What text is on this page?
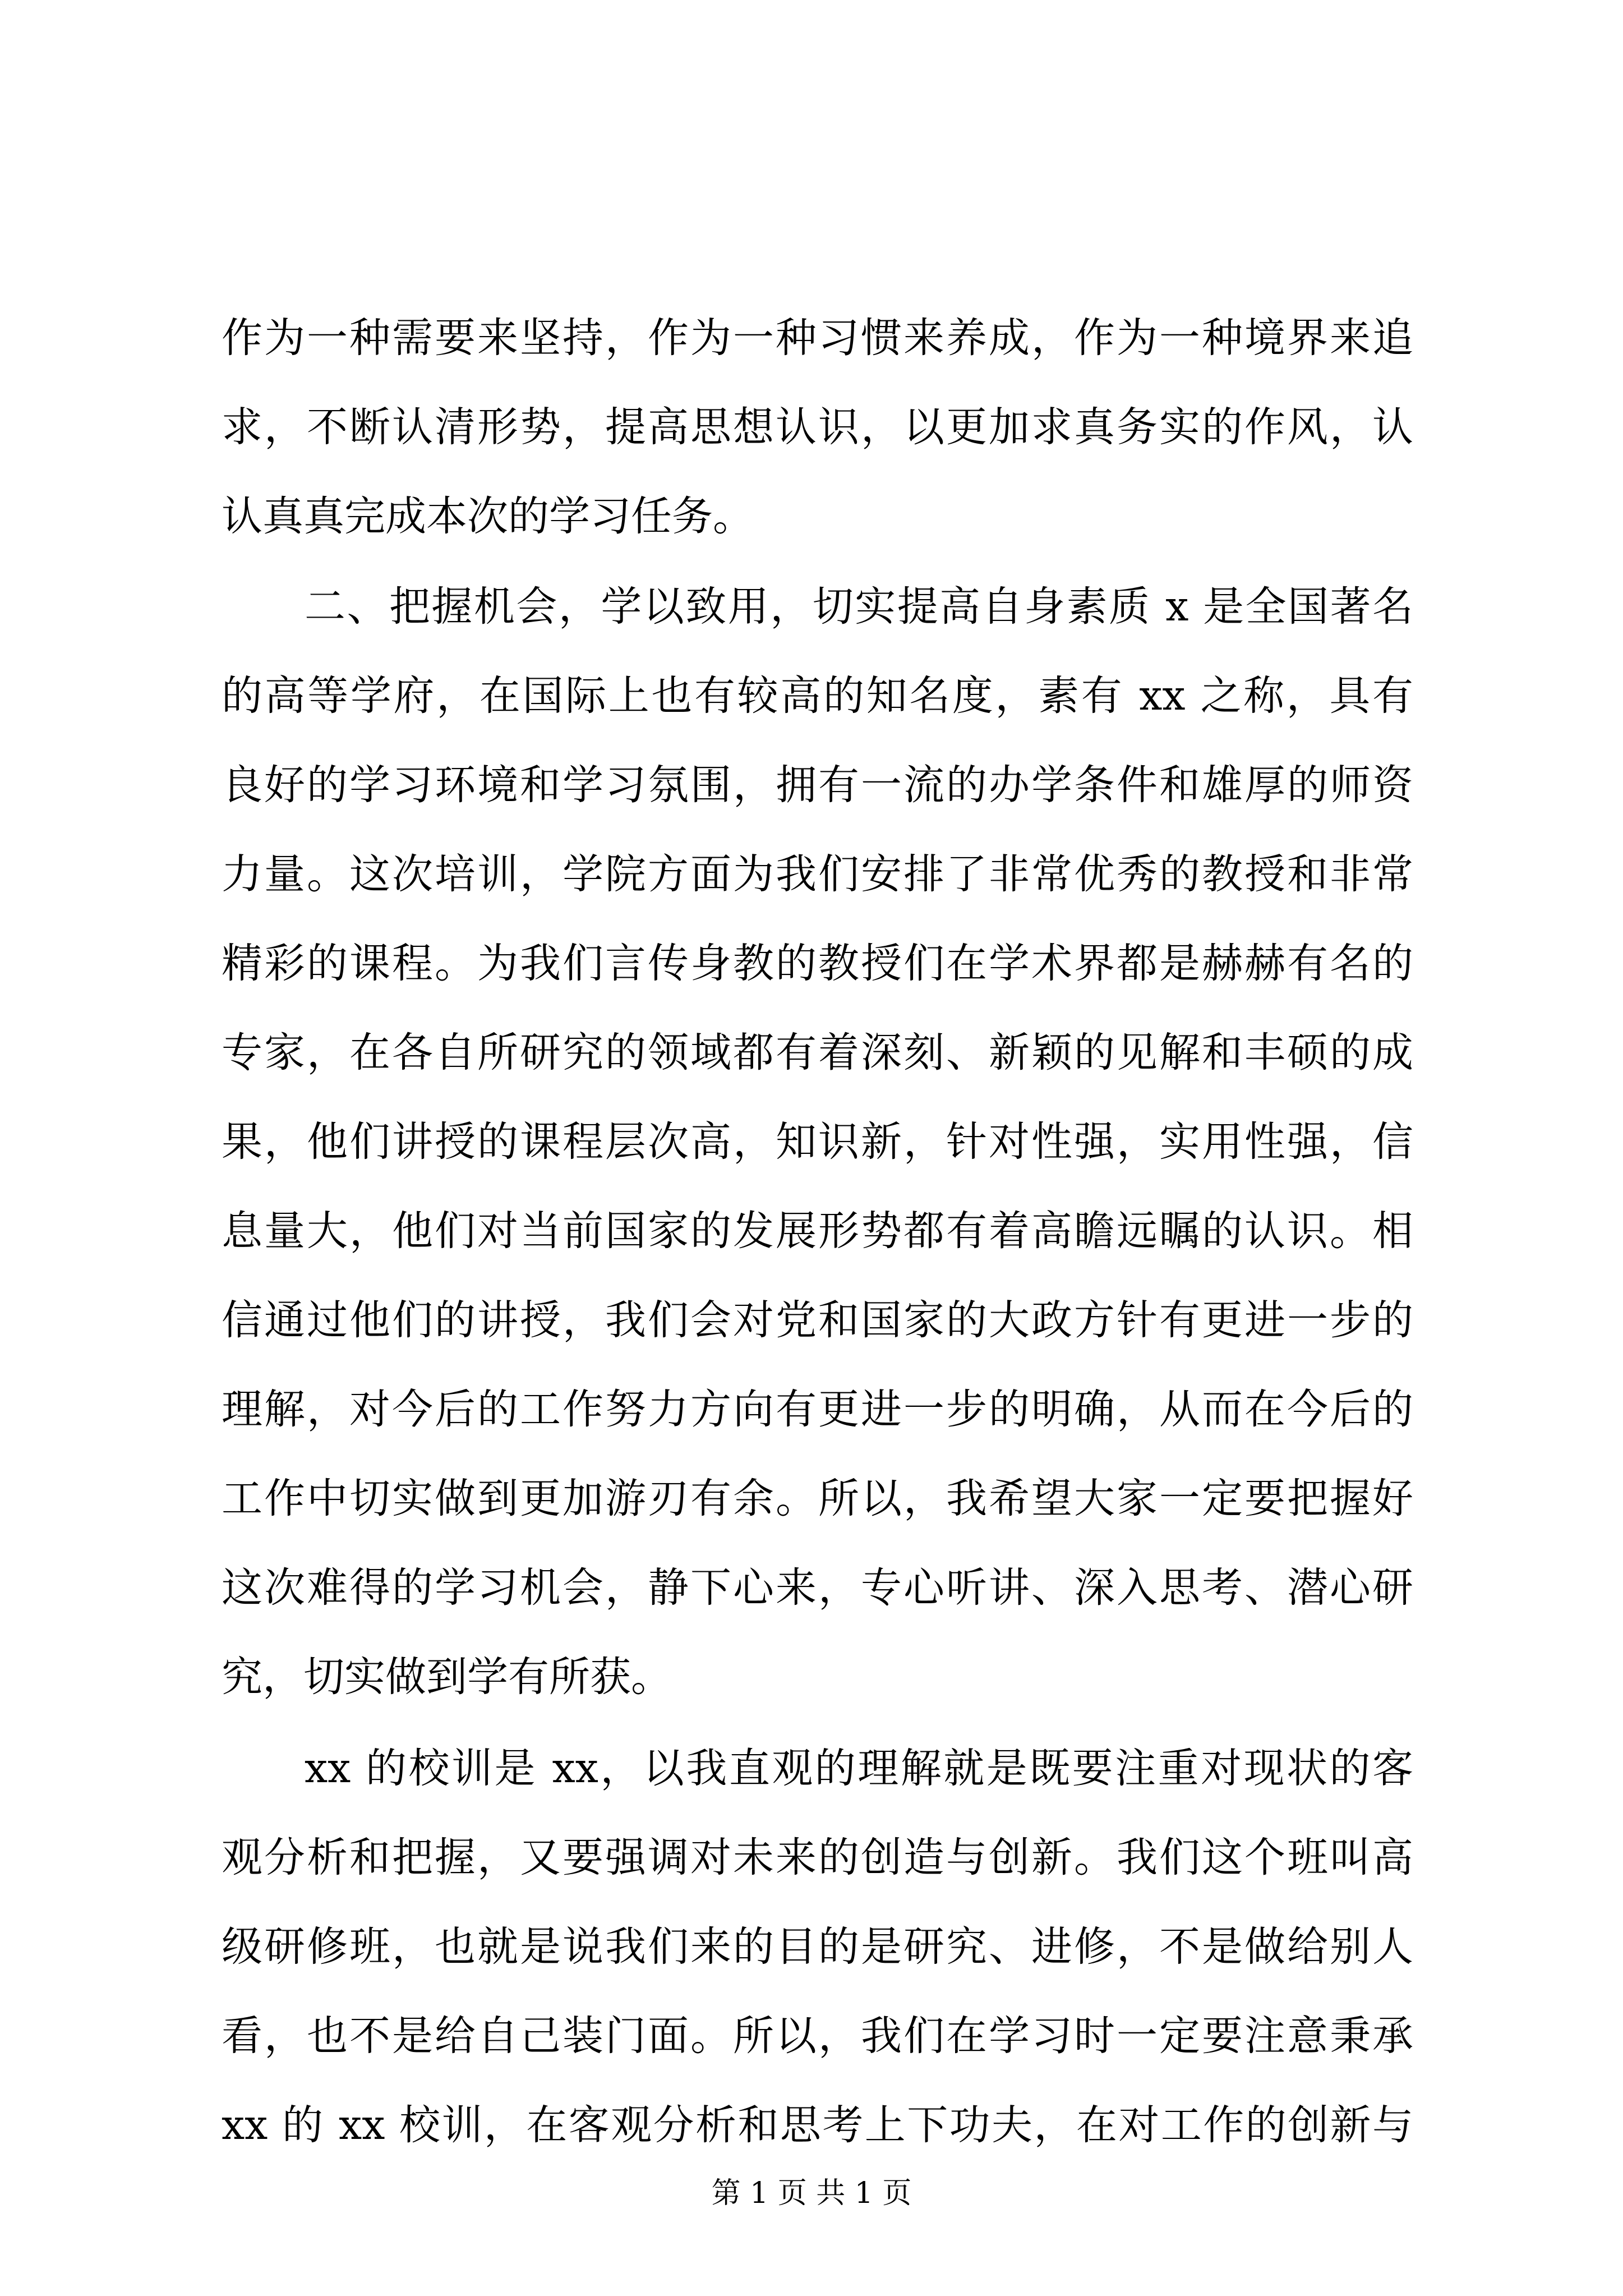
作为一种需要来坚持，作为一种习惯来养成，作为一种境界来追
求，不断认清形势，提高思想认识，以更加求真务实的作风，认
认真真完成本次的学习任务。
二、把握机会，学以致用，切实提高自身素质 x 是全国著名
的高等学府，在国际上也有较高的知名度，素有 xx 之称，具有
良好的学习环境和学习氛围，拥有一流的办学条件和雄厚的师资
力量。这次培训，学院方面为我们安排了非常优秀的教授和非常
精彩的课程。为我们言传身教的教授们在学术界都是赫赫有名的
专家，在各自所研究的领域都有着深刻、新颖的见解和丰硕的成
果，他们讲授的课程层次高，知识新，针对性强，实用性强，信
息量大，他们对当前国家的发展形势都有着高瞻远瞩的认识。相
信通过他们的讲授，我们会对党和国家的大政方针有更进一步的
理解，对今后的工作努力方向有更进一步的明确，从而在今后的
工作中切实做到更加游刃有余。所以，我希望大家一定要把握好
这次难得的学习机会，静下心来，专心听讲、深入思考、潜心研
究，切实做到学有所获。
xx 的校训是 xx，以我直观的理解就是既要注重对现状的客
观分析和把握，又要强调对未来的创造与创新。我们这个班叫高
级研修班，也就是说我们来的目的是研究、进修，不是做给别人
看，也不是给自己装门面。所以，我们在学习时一定要注意秉承
xx 的 xx 校训，在客观分析和思考上下功夫，在对工作的创新与
第 1 页 共 1 页
